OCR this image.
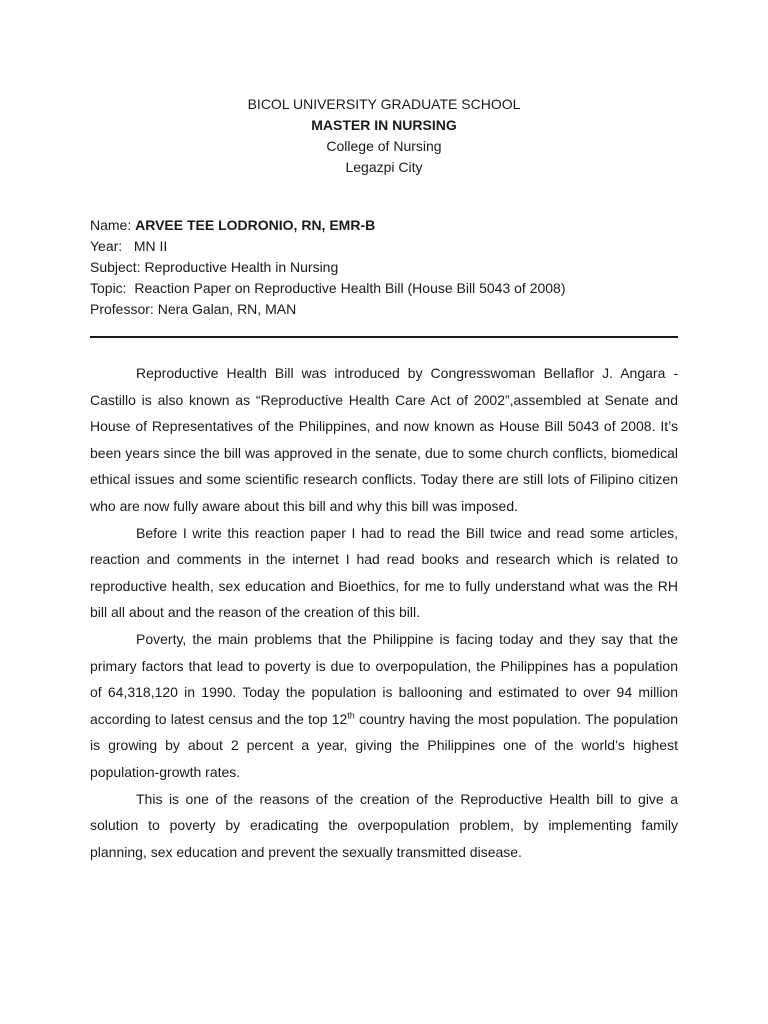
BICOL UNIVERSITY GRADUATE SCHOOL
MASTER IN NURSING
College of Nursing
Legazpi City
Name: ARVEE TEE LODRONIO, RN, EMR-B
Year: MN II
Subject: Reproductive Health in Nursing
Topic: Reaction Paper on Reproductive Health Bill (House Bill 5043 of 2008)
Professor: Nera Galan, RN, MAN

Reproductive Health Bill was introduced by Congresswoman Bellaflor J. Angara -Castillo is also known as “Reproductive Health Care Act of 2002”,assembled at Senate and House of Representatives of the Philippines, and now known as House Bill 5043 of 2008. It’s been years since the bill was approved in the senate, due to some church conflicts, biomedical ethical issues and some scientific research conflicts. Today there are still lots of Filipino citizen who are now fully aware about this bill and why this bill was imposed.

Before I write this reaction paper I had to read the Bill twice and read some articles, reaction and comments in the internet I had read books and research which is related to reproductive health, sex education and Bioethics, for me to fully understand what was the RH bill all about and the reason of the creation of this bill.

Poverty, the main problems that the Philippine is facing today and they say that the primary factors that lead to poverty is due to overpopulation, the Philippines has a population of 64,318,120 in 1990. Today the population is ballooning and estimated to over 94 million according to latest census and the top 12th country having the most population. The population is growing by about 2 percent a year, giving the Philippines one of the world’s highest population-growth rates.

This is one of the reasons of the creation of the Reproductive Health bill to give a solution to poverty by eradicating the overpopulation problem, by implementing family planning, sex education and prevent the sexually transmitted disease.
